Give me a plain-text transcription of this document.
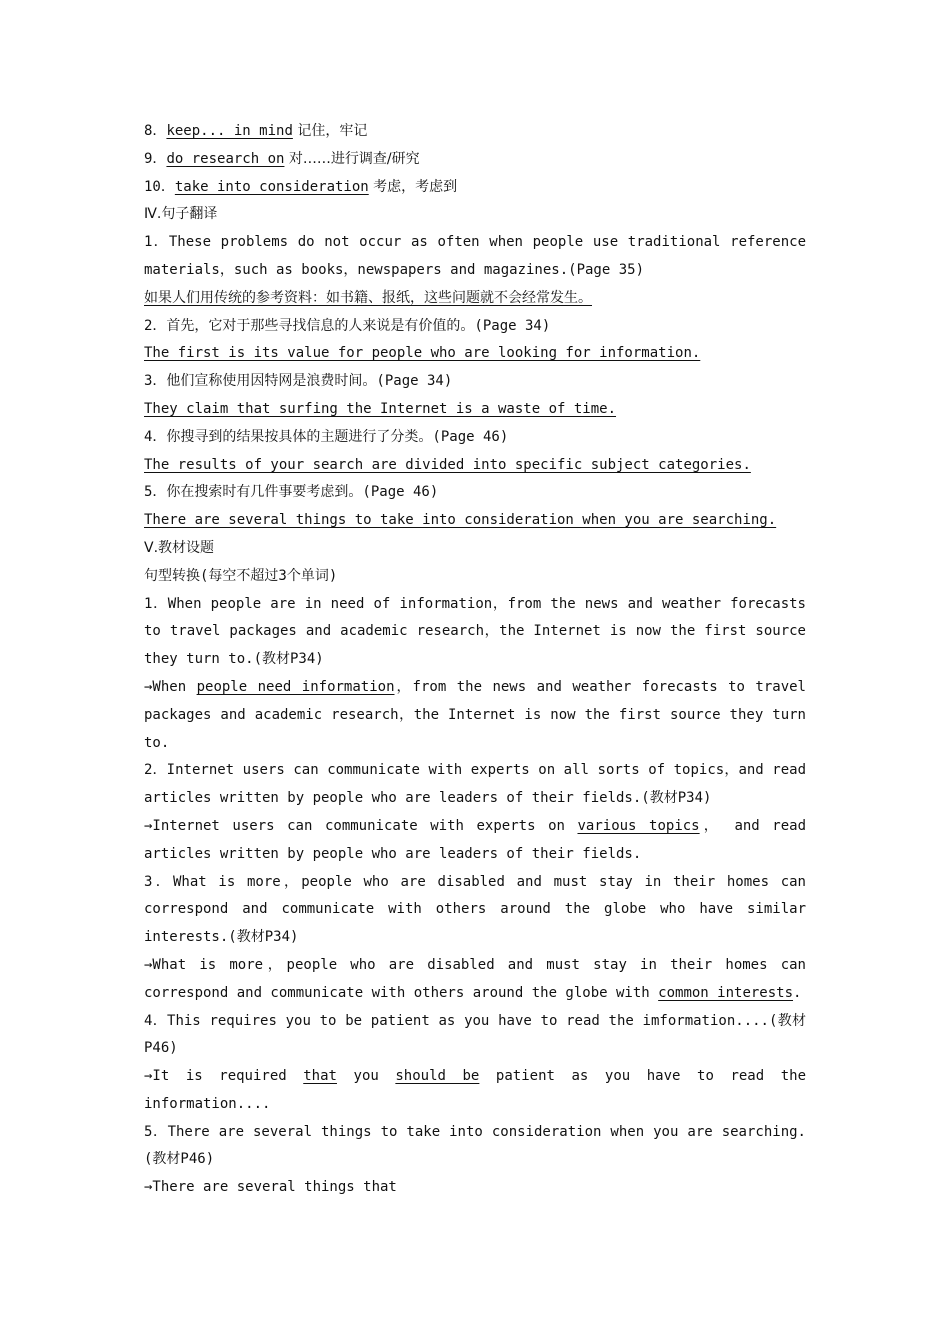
8．keep... in mind 记住，牢记
9．do research on 对……进行调查/研究
10．take into consideration 考虑，考虑到
Ⅳ.句子翻译
1．These problems do not occur as often when people use traditional reference
materials，such as books，newspapers and magazines.(Page 35)
如果人们用传统的参考资料：如书籍、报纸，这些问题就不会经常发生。
2．首先，它对于那些寻找信息的人来说是有价值的。(Page 34)
The first is its value for people who are looking for information.
3．他们宣称使用因特网是浪费时间。(Page 34)
They claim that surfing the Internet is a waste of time.
4．你搜寻到的结果按具体的主题进行了分类。(Page 46)
The results of your search are divided into specific subject categories.
5．你在搜索时有几件事要考虑到。(Page 46)
There are several things to take into consideration when you are searching.
Ⅴ.教材设题
句型转换(每空不超过3个单词)
1．When people are in need of information，from the news and weather forecasts
to travel packages and academic research，the Internet is now the first source
they turn to.(教材P34)
→When people need information，from the news and weather forecasts to travel
packages and academic research，the Internet is now the first source they turn
to.
2．Internet users can communicate with experts on all sorts of topics，and read
articles written by people who are leaders of their fields.(教材P34)
→Internet users can communicate with experts on various topics， and read
articles written by people who are leaders of their fields.
3．What is more，people who are disabled and must stay in their homes can
correspond and communicate with others around the globe who have similar
interests.(教材P34)
→What is more，people who are disabled and must stay in their homes can
correspond and communicate with others around the globe with common interests.
4．This requires you to be patient as you have to read the imformation....(教材
P46)
→It is required that you should be patient as you have to read the
information....
5．There are several things to take into consideration when you are searching.
(教材P46)
→There are several things that
